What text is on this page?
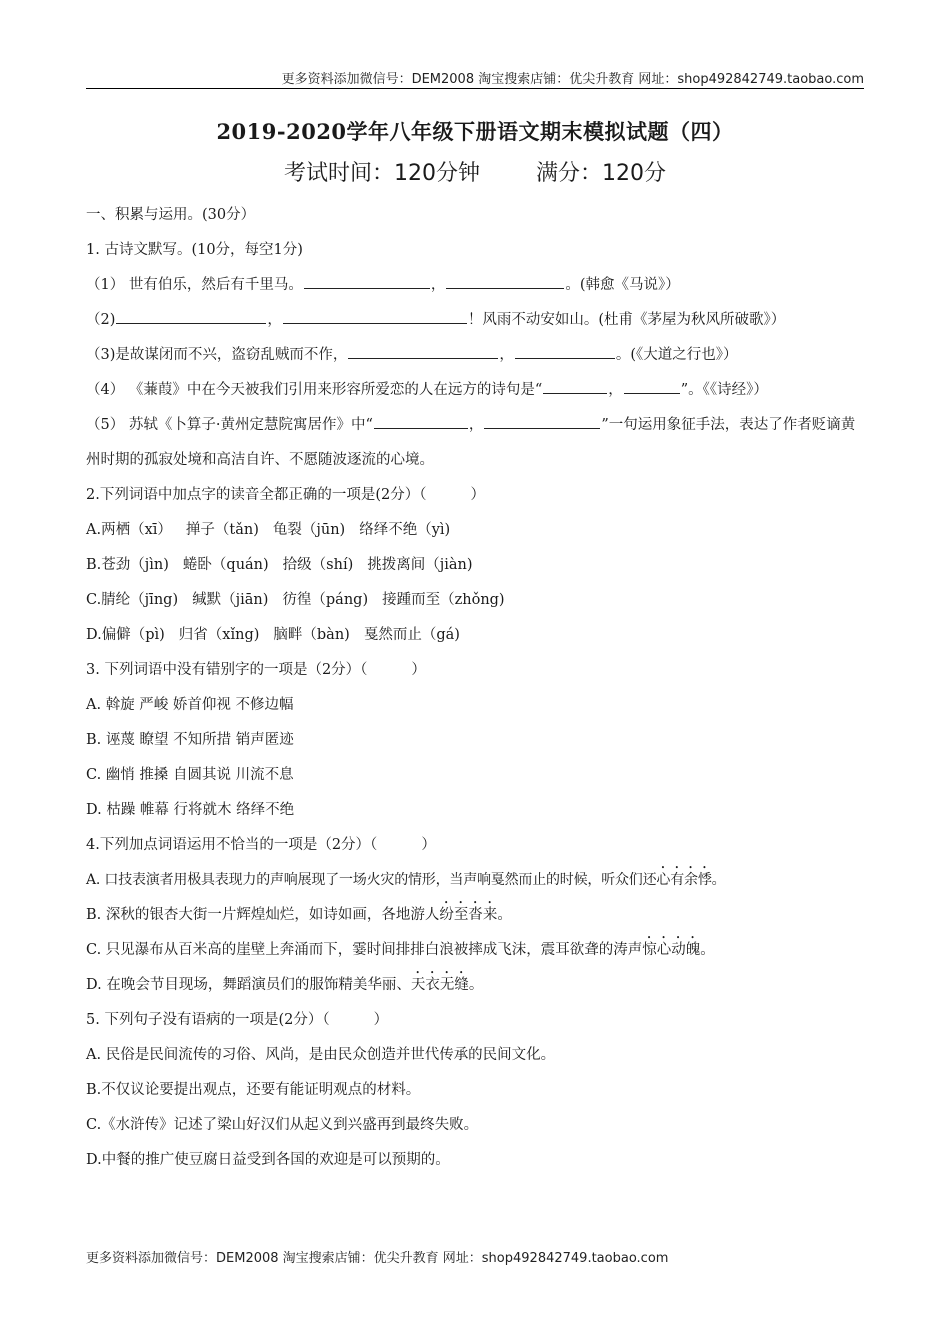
更多资料添加微信号：DEM2008 淘宝搜索店铺：优尖升教育 网址：shop492842749.taobao.com
2019-2020学年八年级下册语文期末模拟试题（四）
考试时间：120分钟	满分：120分
一、积累与运用。(30分）
1. 古诗文默写。(10分，每空1分)
（1） 世有伯乐，然后有千里马。	，	。(韩愈《马说》）
（2)	，	！风雨不动安如山。(杜甫《茅屋为秋风所破歌》）
（3)是故谋闭而不兴，盗窃乱贼而不作，	，	。(《大道之行也》）
（4） 《蒹葭》中在今天被我们引用来形容所爱恋的人在远方的诗句是“	，	”。《《诗经》）
（5） 苏轼《卜算子·黄州定慧院寓居作》中“	，	”一句运用象征手法，表达了作者贬谪黄州时期的孤寂处境和高洁自许、不愿随波逐流的心境。
2.下列词语中加点字的读音全都正确的一项是(2分）（	）
A.两栖（xī） 掸子（tǎn) 龟裂（jūn) 络绎不绝（yì)
B.苍劲（jìn) 蜷卧（quán) 拾级（shí) 挑拨离间（jiàn)
C.腈纶（jīng) 缄默（jiān) 彷徨（páng) 接踵而至（zhǒng)
D.偏僻（pì) 归省（xǐng) 脑畔（bàn) 戛然而止（gá)
3. 下列词语中没有错别字的一项是（2分）（	）
A. 斡旋 严峻 娇首仰视 不修边幅
B. 诬蔑 瞭望 不知所措 销声匿迹
C. 幽悄 推搡 自圆其说 川流不息
D. 枯躁 帷幕 行将就木 络绎不绝
4.下列加点词语运用不恰当的一项是（2分）（	）
A. 口技表演者用极具表现力的声响展现了一场火灾的情形，当声响戛然而止的时候，听众们还心有余悸。
B. 深秋的银杏大街一片辉煌灿烂，如诗如画，各地游人纷至沓来。
C. 只见瀑布从百米高的崖壁上奔涌而下，霎时间排排白浪被摔成飞沫，震耳欲聋的涛声惊心动魄。
D. 在晚会节目现场，舞蹈演员们的服饰精美华丽、天衣无缝。
5. 下列句子没有语病的一项是(2分）（	）
A. 民俗是民间流传的习俗、风尚，是由民众创造并世代传承的民间文化。
B.不仅议论要提出观点，还要有能证明观点的材料。
C.《水浒传》记述了梁山好汉们从起义到兴盛再到最终失败。
D.中餐的推广使豆腐日益受到各国的欢迎是可以预期的。
更多资料添加微信号：DEM2008 淘宝搜索店铺：优尖升教育 网址：shop492842749.taobao.com
